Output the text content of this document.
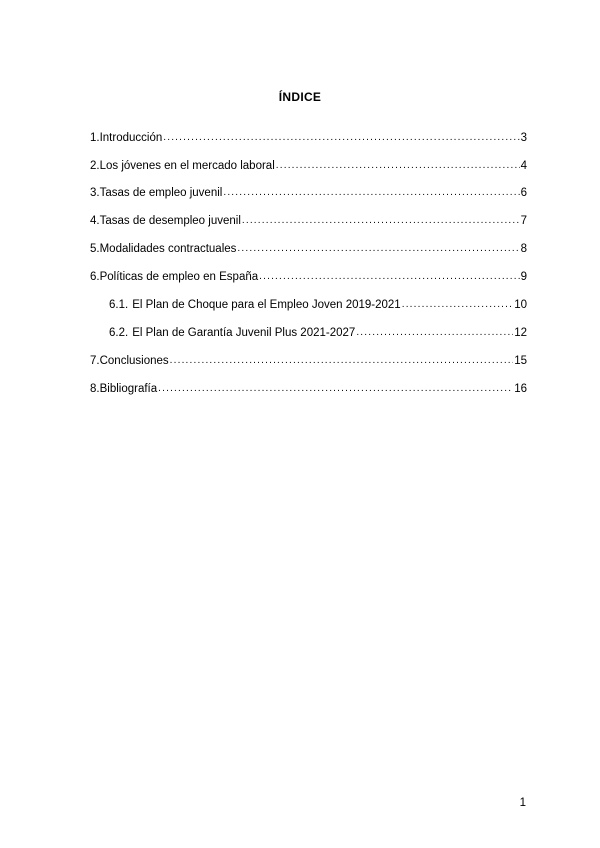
ÍNDICE
1. Introducción .....	3
2. Los jóvenes en el mercado laboral .....	4
3. Tasas de empleo juvenil .....	6
4. Tasas de desempleo juvenil .....	7
5. Modalidades contractuales .....	8
6. Políticas de empleo en España .....	9
6.1. El Plan de Choque para el Empleo Joven 2019-2021 .....	10
6.2. El Plan de Garantía Juvenil Plus 2021-2027 .....	12
7. Conclusiones .....	15
8. Bibliografía .....	16
1
